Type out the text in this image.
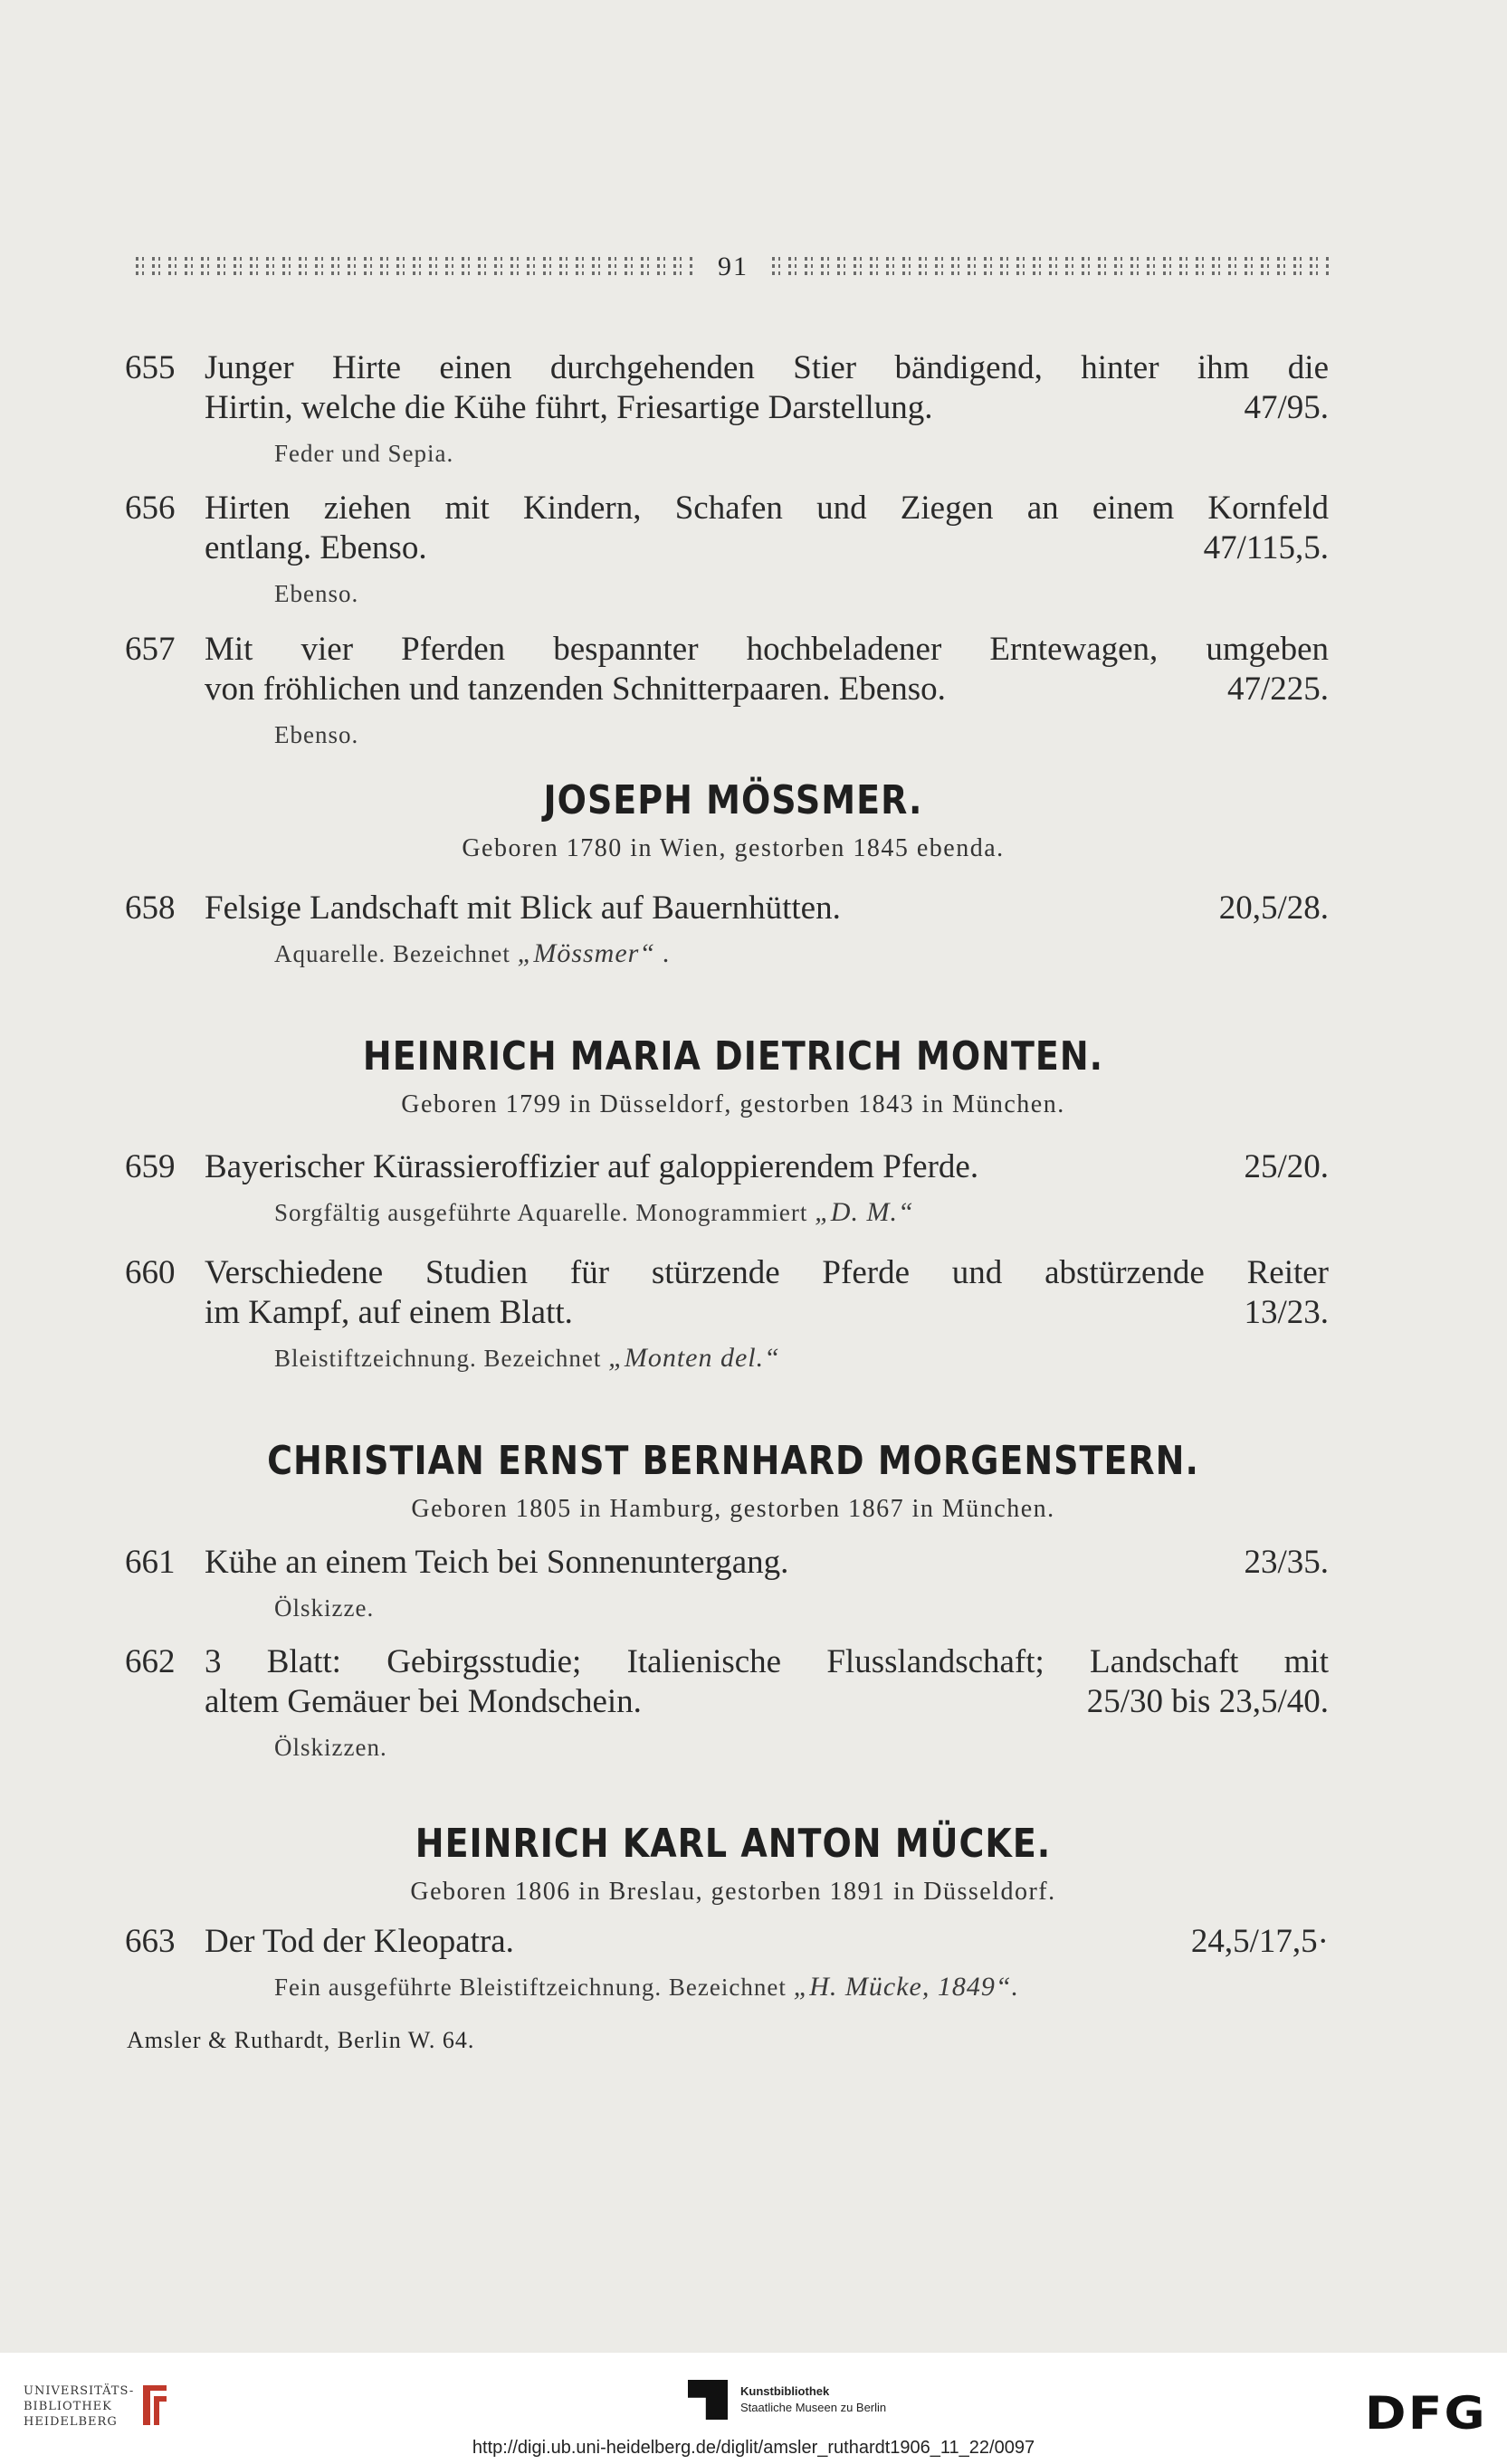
91
655 Junger Hirte einen durchgehenden Stier bändigend, hinter ihm die
Hirtin, welche die Kühe führt, Friesartige Darstellung.	47/95.
Feder und Sepia.
656 Hirten ziehen mit Kindern, Schafen und Ziegen an einem Kornfeld
entlang. Ebenso.	47/115,5.
Ebenso.
657 Mit vier Pferden bespannter hochbeladener Erntewagen, umgeben
von fröhlichen und tanzenden Schnitterpaaren. Ebenso.	47/225.
Ebenso.
JOSEPH MÖSSMER.
Geboren 1780 in Wien, gestorben 1845 ebenda.
658 Felsige Landschaft mit Blick auf Bauernhütten.	20,5/28.
Aquarelle. Bezeichnet „Mössmer“ .
HEINRICH MARIA DIETRICH MONTEN.
Geboren 1799 in Düsseldorf, gestorben 1843 in München.
659 Bayerischer Kürassieroffizier auf galoppierendem Pferde.	25/20.
Sorgfältig ausgeführte Aquarelle. Monogrammiert „D. M.“
660 Verschiedene Studien für stürzende Pferde und abstürzende Reiter
im Kampf, auf einem Blatt.	13/23.
Bleistiftzeichnung. Bezeichnet „Monten del.“
CHRISTIAN ERNST BERNHARD MORGENSTERN.
Geboren 1805 in Hamburg, gestorben 1867 in München.
661 Kühe an einem Teich bei Sonnenuntergang.	23/35.
Ölskizze.
662 3 Blatt: Gebirgsstudie; Italienische Flusslandschaft; Landschaft mit
altem Gemäuer bei Mondschein.	25/30 bis 23,5/40.
Ölskizzen.
HEINRICH KARL ANTON MÜCKE.
Geboren 1806 in Breslau, gestorben 1891 in Düsseldorf.
663 Der Tod der Kleopatra.	24,5/17,5·
Fein ausgeführte Bleistiftzeichnung. Bezeichnet „H. Mücke, 1849“.
Amsler & Ruthardt, Berlin W. 64.
UNIVERSITÄTS-
BIBLIOTHEK
HEIDELBERG
Kunstbibliothek
Staatliche Museen zu Berlin	DFG
http://digi.ub.uni-heidelberg.de/diglit/amsler_ruthardt1906_11_22/0097
